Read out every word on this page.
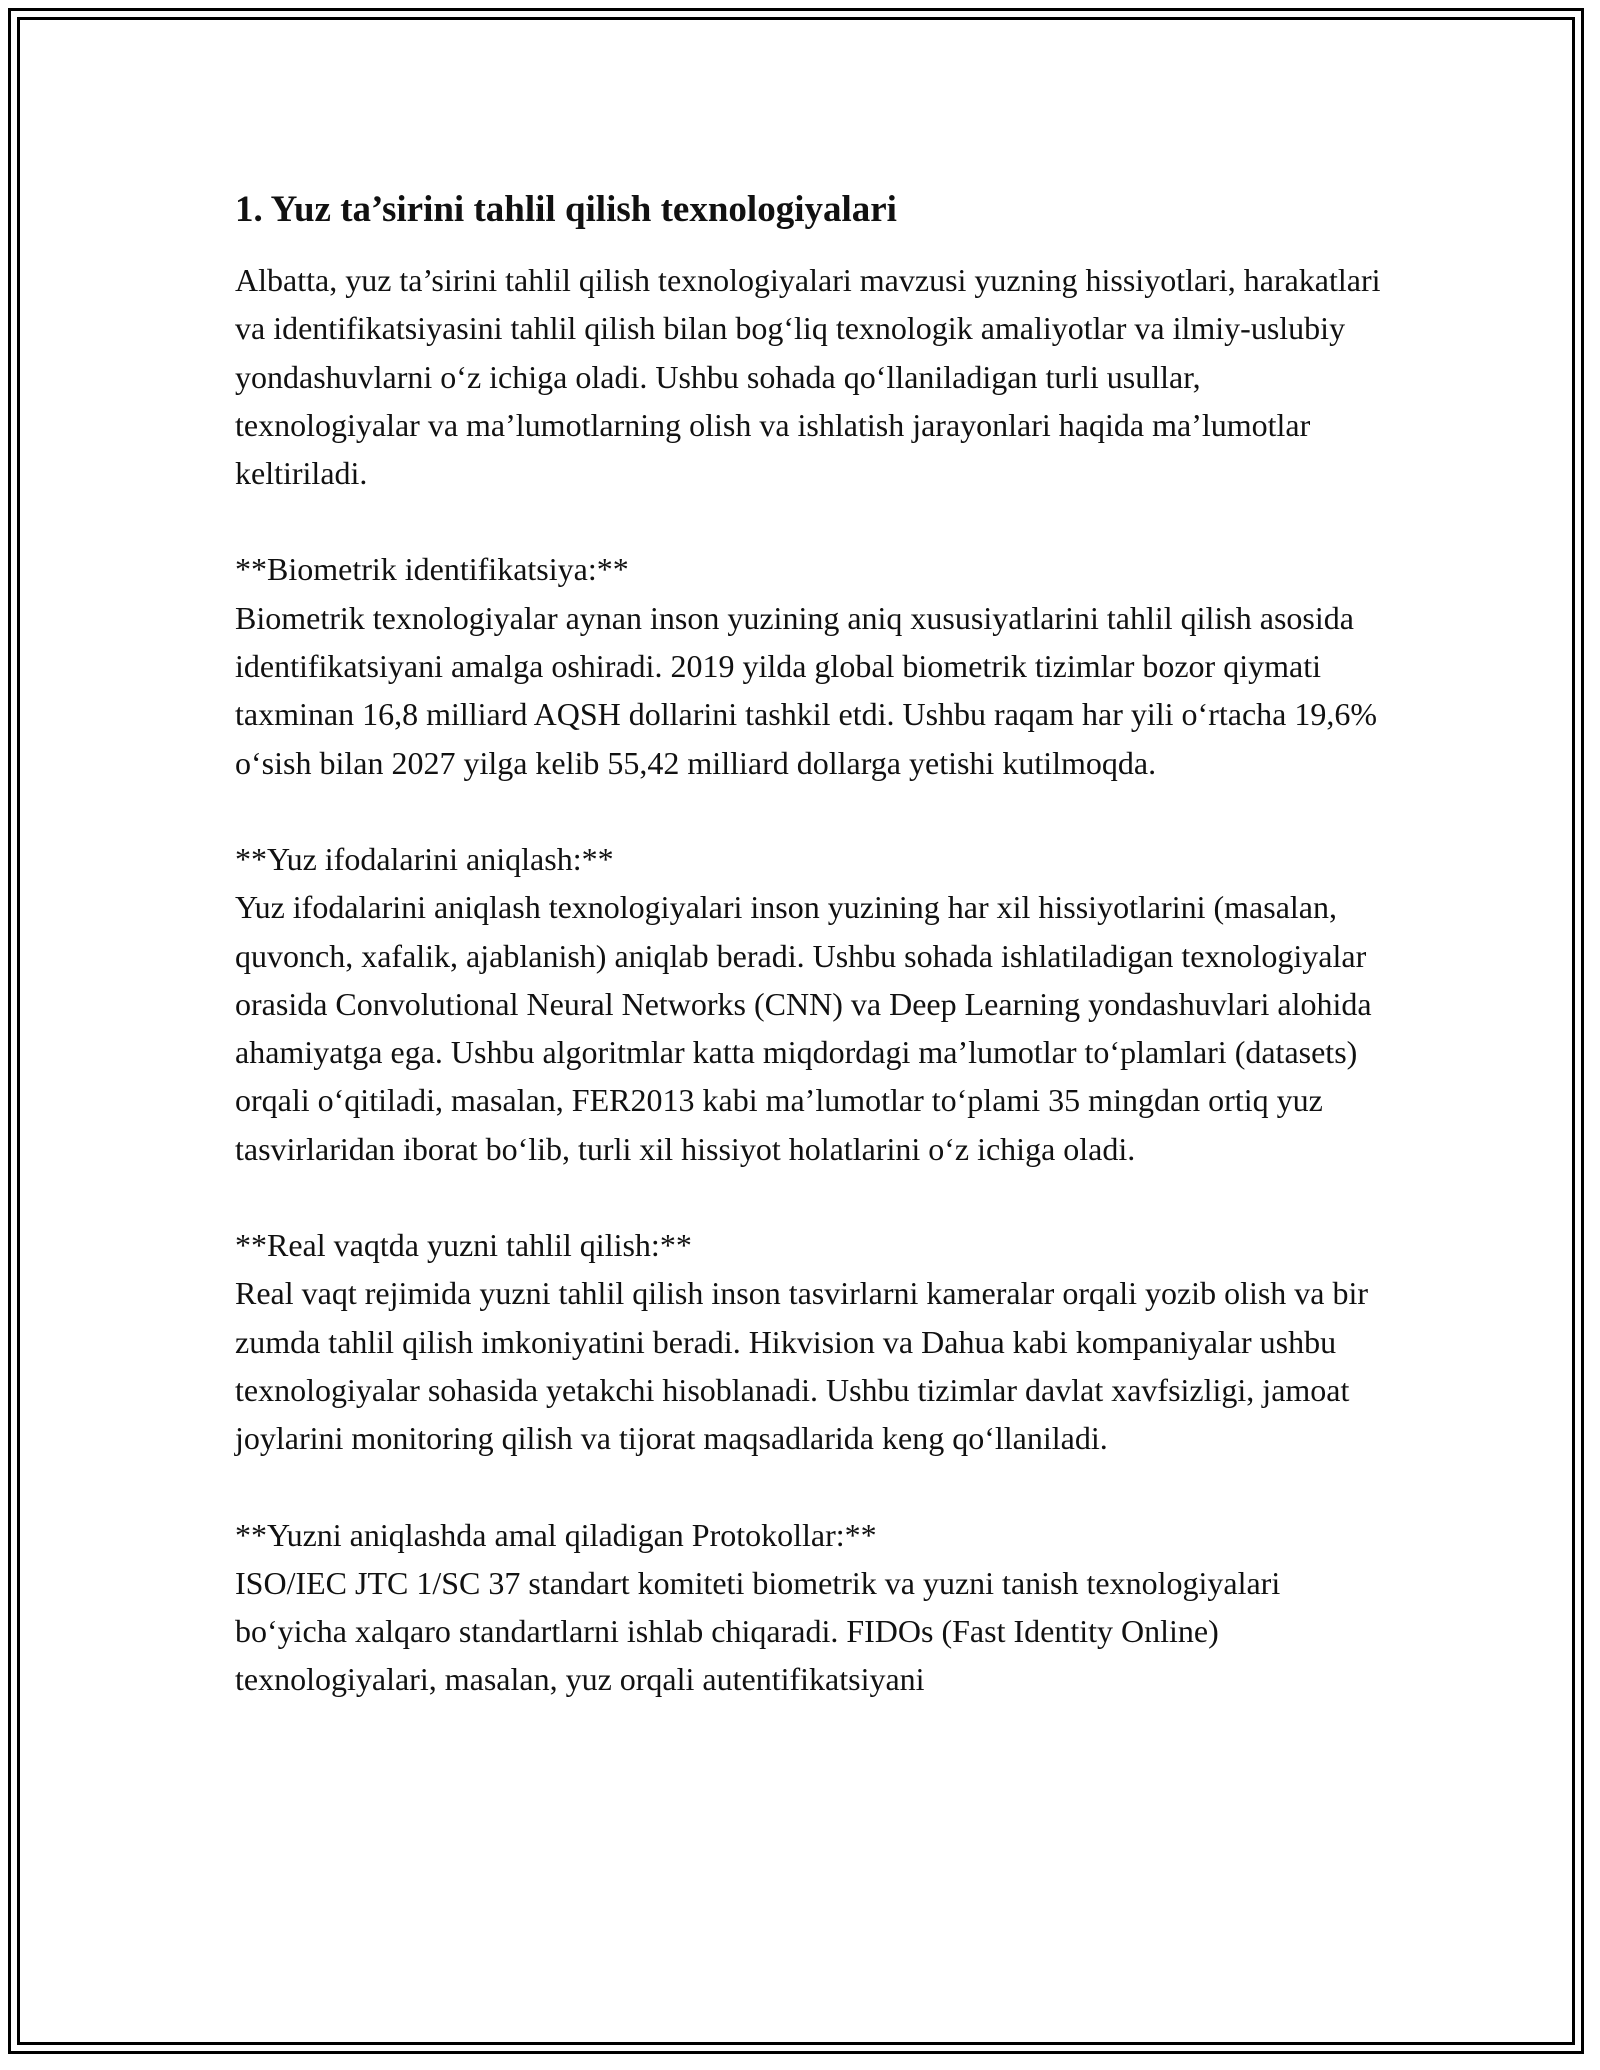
1. Yuz ta’sirini tahlil qilish texnologiyalari

Albatta, yuz ta’sirini tahlil qilish texnologiyalari mavzusi yuzning hissiyotlari, harakatlari va identifikatsiyasini tahlil qilish bilan bog‘liq texnologik amaliyotlar va ilmiy-uslubiy yondashuvlarni o‘z ichiga oladi. Ushbu sohada qo‘llaniladigan turli usullar, texnologiyalar va ma’lumotlarning olish va ishlatish jarayonlari haqida ma’lumotlar keltiriladi.

**Biometrik identifikatsiya:**
Biometrik texnologiyalar aynan inson yuzining aniq xususiyatlarini tahlil qilish asosida identifikatsiyani amalga oshiradi. 2019 yilda global biometrik tizimlar bozor qiymati taxminan 16,8 milliard AQSH dollarini tashkil etdi. Ushbu raqam har yili o‘rtacha 19,6% o‘sish bilan 2027 yilga kelib 55,42 milliard dollarga yetishi kutilmoqda.
**Yuz ifodalarini aniqlash:**
Yuz ifodalarini aniqlash texnologiyalari inson yuzining har xil hissiyotlarini (masalan, quvonch, xafalik, ajablanish) aniqlab beradi. Ushbu sohada ishlatiladigan texnologiyalar orasida Convolutional Neural Networks (CNN) va Deep Learning yondashuvlari alohida ahamiyatga ega. Ushbu algoritmlar katta miqdordagi ma’lumotlar to‘plamlari (datasets) orqali o‘qitiladi, masalan, FER2013 kabi ma’lumotlar to‘plami 35 mingdan ortiq yuz tasvirlaridan iborat bo‘lib, turli xil hissiyot holatlarini o‘z ichiga oladi.
**Real vaqtda yuzni tahlil qilish:**
Real vaqt rejimida yuzni tahlil qilish inson tasvirlarni kameralar orqali yozib olish va bir zumda tahlil qilish imkoniyatini beradi. Hikvision va Dahua kabi kompaniyalar ushbu texnologiyalar sohasida yetakchi hisoblanadi. Ushbu tizimlar davlat xavfsizligi, jamoat joylarini monitoring qilish va tijorat maqsadlarida keng qo‘llaniladi.
**Yuzni aniqlashda amal qiladigan Protokollar:**
ISO/IEC JTC 1/SC 37 standart komiteti biometrik va yuzni tanish texnologiyalari bo‘yicha xalqaro standartlarni ishlab chiqaradi. FIDOs (Fast Identity Online) texnologiyalari, masalan, yuz orqali autentifikatsiyani
